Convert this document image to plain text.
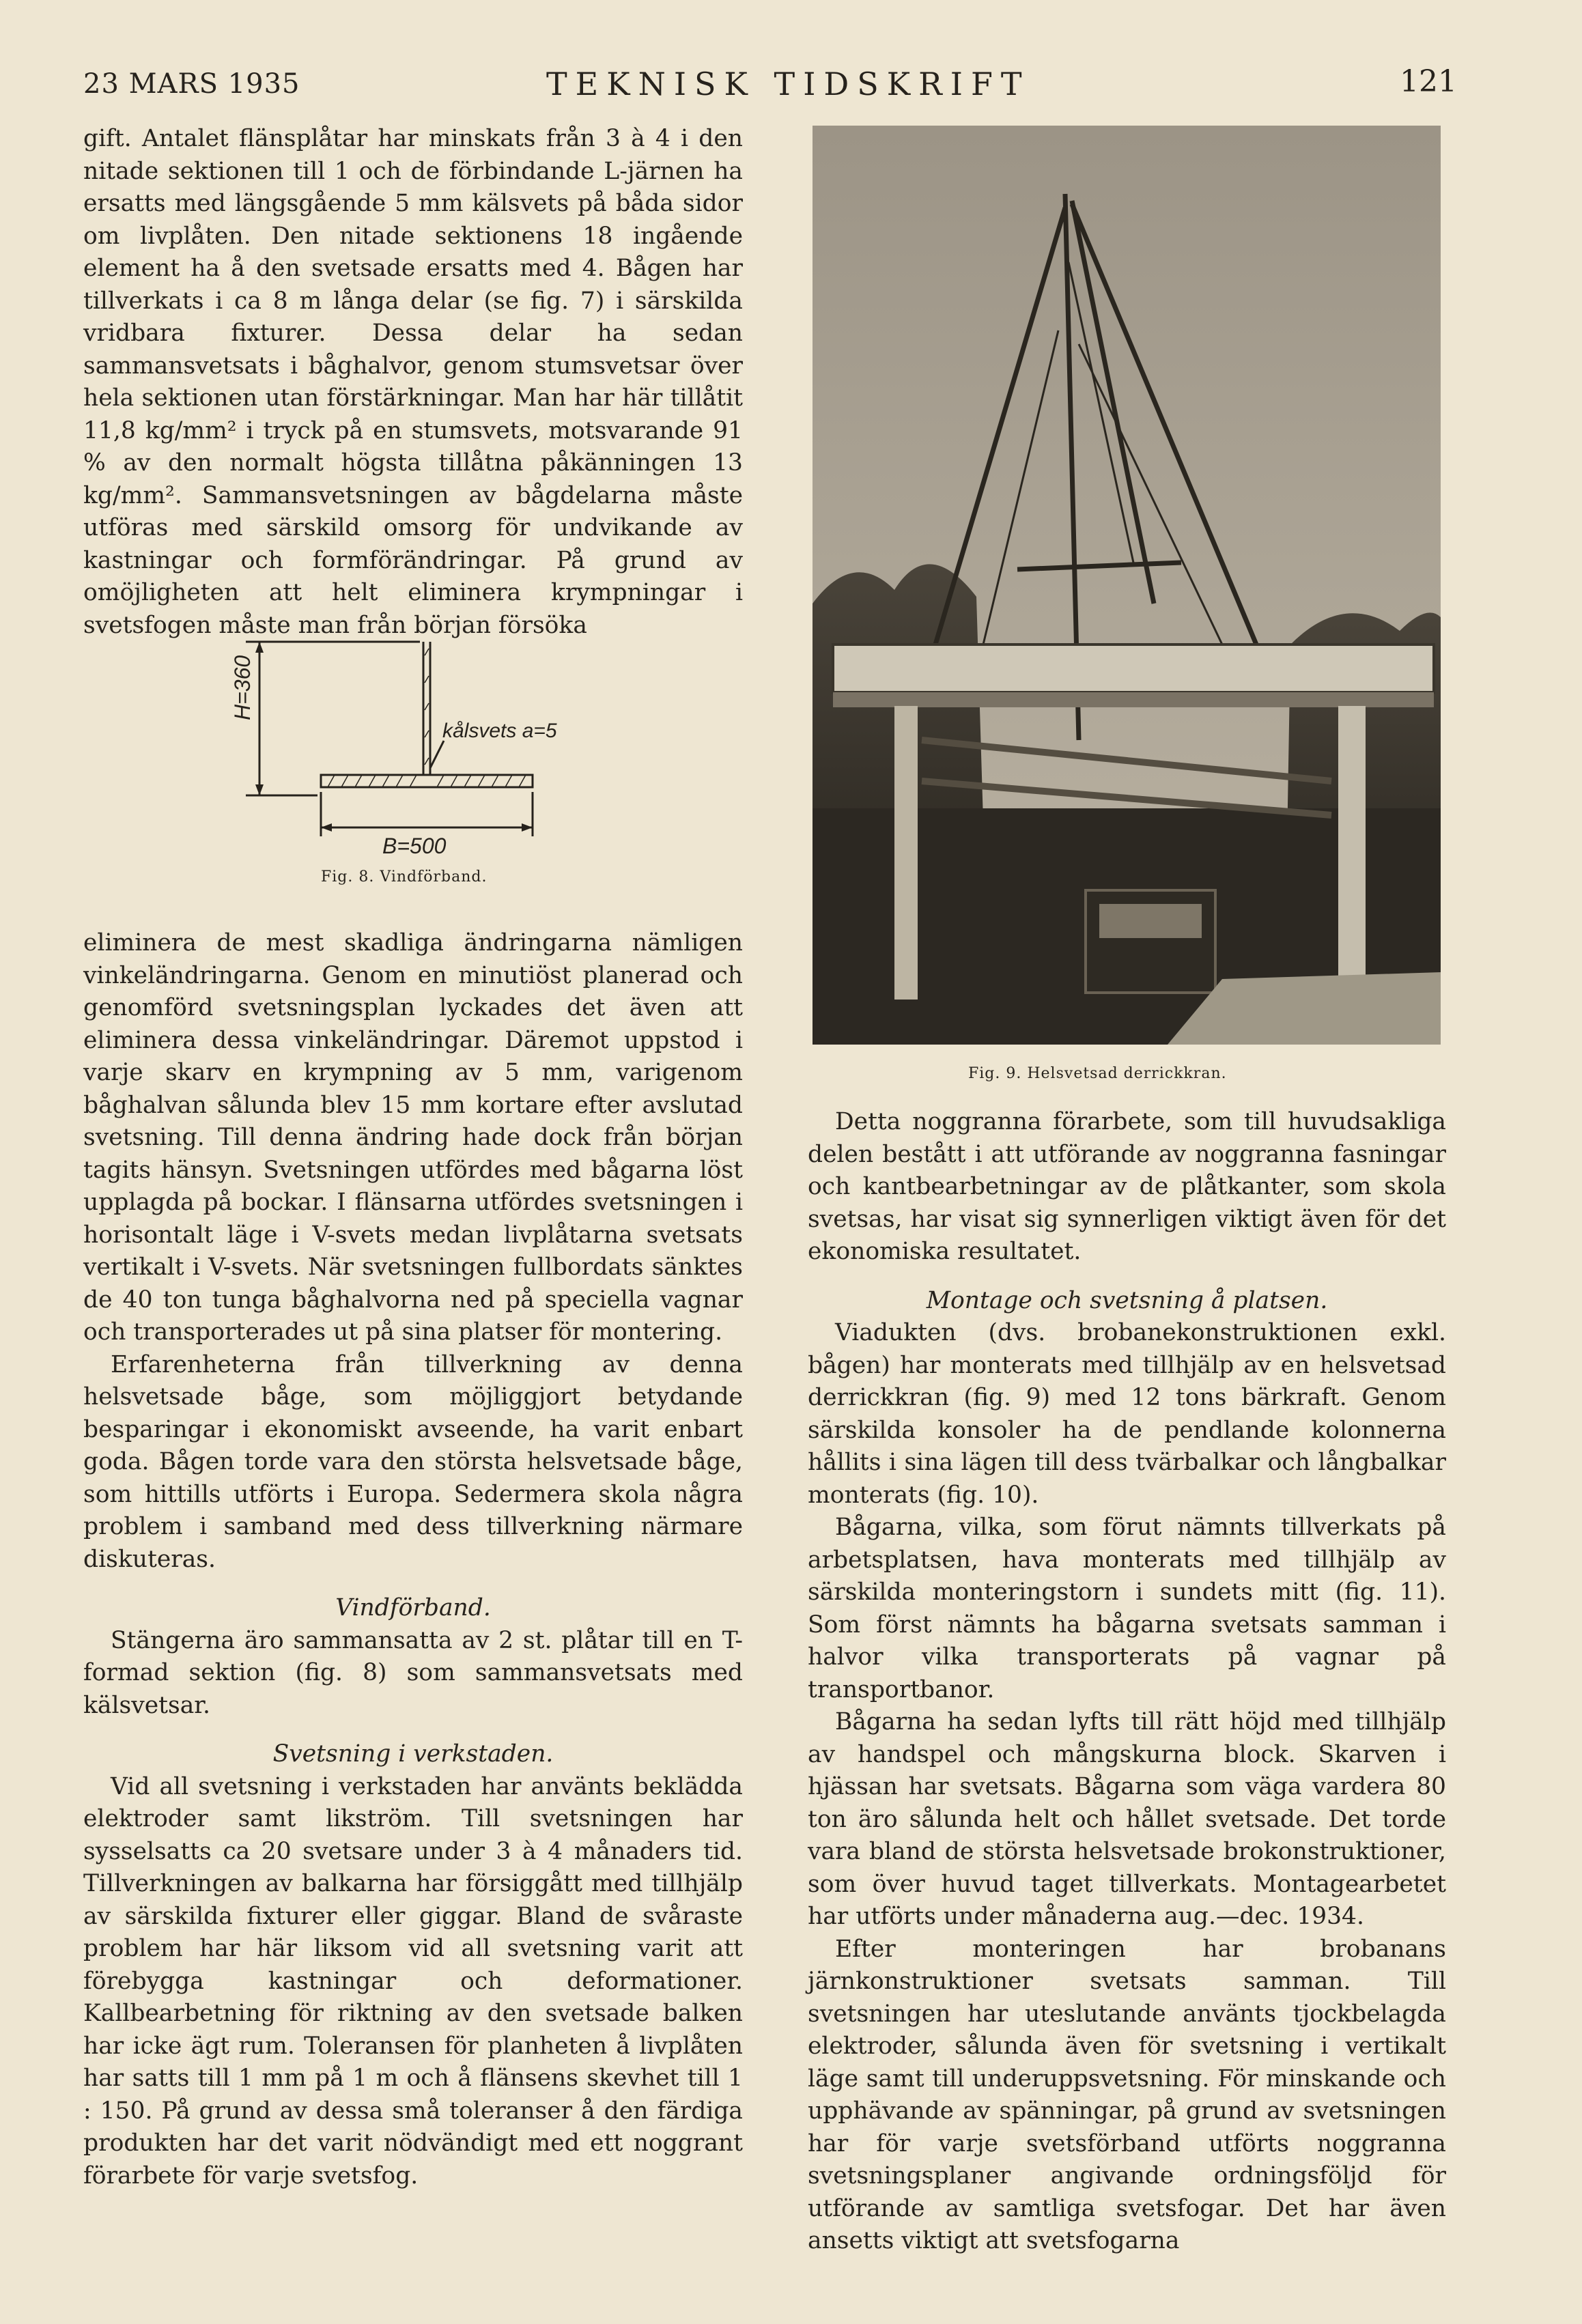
23 MARS 1935	TEKNISK TIDSKRIFT	121

gift. Antalet flänsplåtar har minskats från 3 à 4 i den nitade sektionen till 1 och de förbindande L-järnen ha ersatts med längsgående 5 mm kälsvets på båda sidor om livplåten. Den nitade sektionens 18 ingående element ha å den svetsade ersatts med 4. Bågen har tillverkats i ca 8 m långa delar (se fig. 7) i särskilda vridbara fixturer. Dessa delar ha sedan sammansvetsats i båghalvor, genom stumsvetsar över hela sektionen utan förstärkningar. Man har här tillåtit 11,8 kg/mm² i tryck på en stumsvets, motsvarande 91 % av den normalt högsta tillåtna påkänningen 13 kg/mm². Sammansvetsningen av bågdelarna måste utföras med särskild omsorg för undvikande av kastningar och formförändringar. På grund av omöjligheten att helt eliminera krympningar i svetsfogen måste man från början försöka

H=360
kålsvets a=5
B=500
Fig. 8. Vindförband.

eliminera de mest skadliga ändringarna nämligen vinkeländringarna. Genom en minutiöst planerad och genomförd svetsningsplan lyckades det även att eliminera dessa vinkeländringar. Däremot uppstod i varje skarv en krympning av 5 mm, varigenom båghalvan sålunda blev 15 mm kortare efter avslutad svetsning. Till denna ändring hade dock från början tagits hänsyn. Svetsningen utfördes med bågarna löst upplagda på bockar. I flänsarna utfördes svetsningen i horisontalt läge i V-svets medan livplåtarna svetsats vertikalt i V-svets. När svetsningen fullbordats sänktes de 40 ton tunga båghalvorna ned på speciella vagnar och transporterades ut på sina platser för montering.

Erfarenheterna från tillverkning av denna helsvetsade båge, som möjliggjort betydande besparingar i ekonomiskt avseende, ha varit enbart goda. Bågen torde vara den största helsvetsade båge, som hittills utförts i Europa. Sedermera skola några problem i samband med dess tillverkning närmare diskuteras.

Vindförband.

Stängerna äro sammansatta av 2 st. plåtar till en T-formad sektion (fig. 8) som sammansvetsats med kälsvetsar.

Svetsning i verkstaden.

Vid all svetsning i verkstaden har använts beklädda elektroder samt likström. Till svetsningen har sysselsatts ca 20 svetsare under 3 à 4 månaders tid. Tillverkningen av balkarna har försiggått med tillhjälp av särskilda fixturer eller giggar. Bland de svåraste problem har här liksom vid all svetsning varit att förebygga kastningar och deformationer. Kallbearbetning för riktning av den svetsade balken har icke ägt rum. Toleransen för planheten å livplåten har satts till 1 mm på 1 m och å flänsens skevhet till 1 : 150. På grund av dessa små toleranser å den färdiga produkten har det varit nödvändigt med ett noggrant förarbete för varje svetsfog.

Fig. 9. Helsvetsad derrickkran.

Detta noggranna förarbete, som till huvudsakliga delen bestått i att utförande av noggranna fasningar och kantbearbetningar av de plåtkanter, som skola svetsas, har visat sig synnerligen viktigt även för det ekonomiska resultatet.

Montage och svetsning å platsen.

Viadukten (dvs. brobanekonstruktionen exkl. bågen) har monterats med tillhjälp av en helsvetsad derrickkran (fig. 9) med 12 tons bärkraft. Genom särskilda konsoler ha de pendlande kolonnerna hållits i sina lägen till dess tvärbalkar och långbalkar monterats (fig. 10).

Bågarna, vilka, som förut nämnts tillverkats på arbetsplatsen, hava monterats med tillhjälp av särskilda monteringstorn i sundets mitt (fig. 11). Som först nämnts ha bågarna svetsats samman i halvor vilka transporterats på vagnar på transportbanor.

Bågarna ha sedan lyfts till rätt höjd med tillhjälp av handspel och mångskurna block. Skarven i hjässan har svetsats. Bågarna som väga vardera 80 ton äro sålunda helt och hållet svetsade. Det torde vara bland de största helsvetsade brokonstruktioner, som över huvud taget tillverkats. Montagearbetet har utförts under månaderna aug.—dec. 1934.

Efter monteringen har brobanans järnkonstruktioner svetsats samman. Till svetsningen har uteslutande använts tjockbelagda elektroder, sålunda även för svetsning i vertikalt läge samt till underuppsvetsning. För minskande och upphävande av spänningar, på grund av svetsningen har för varje svetsförband utförts noggranna svetsningsplaner angivande ordningsföljd för utförande av samtliga svetsfogar. Det har även ansetts viktigt att svetsfogarna
